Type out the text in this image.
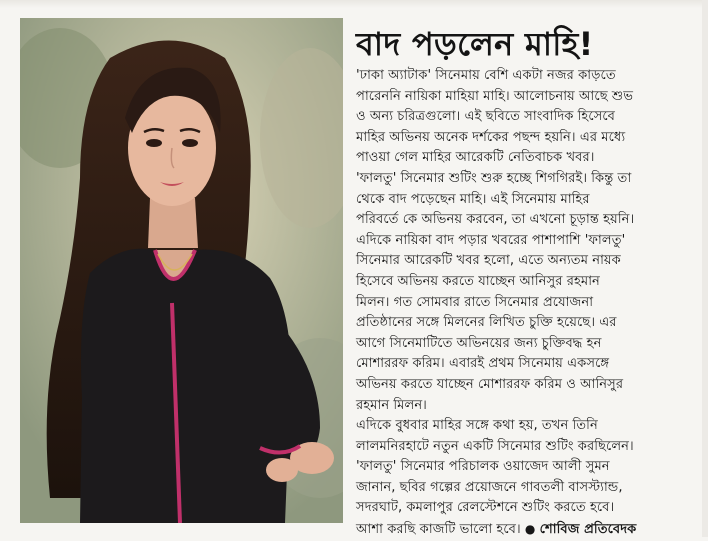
বাদ পড়লেন মাহি!

'ঢাকা অ্যাটাক' সিনেমায় বেশি একটা নজর কাড়তে

পারেননি নায়িকা মাহিয়া মাহি। আলোচনায় আছে শুভ

ও অন্য চরিত্রগুলো। এই ছবিতে সাংবাদিক হিসেবে

মাহির অভিনয় অনেক দর্শকের পছন্দ হয়নি। এর মধ্যে

পাওয়া গেল মাহির আরেকটি নেতিবাচক খবর।

'ফালতু' সিনেমার শুটিং শুরু হচ্ছে শিগগিরই। কিন্তু তা

থেকে বাদ পড়েছেন মাহি। এই সিনেমায় মাহির

পরিবর্তে কে অভিনয় করবেন, তা এখনো চূড়ান্ত হয়নি।

এদিকে নায়িকা বাদ পড়ার খবরের পাশাপাশি 'ফালতু'

সিনেমার আরেকটি খবর হলো, এতে অন্যতম নায়ক

হিসেবে অভিনয় করতে যাচ্ছেন আনিসুর রহমান

মিলন। গত সোমবার রাতে সিনেমার প্রযোজনা

প্রতিষ্ঠানের সঙ্গে মিলনের লিখিত চুক্তি হয়েছে। এর

আগে সিনেমাটিতে অভিনয়ের জন্য চুক্তিবদ্ধ হন

মোশাররফ করিম। এবারই প্রথম সিনেমায় একসঙ্গে

অভিনয় করতে যাচ্ছেন মোশাররফ করিম ও আনিসুর

রহমান মিলন।

এদিকে বুধবার মাহির সঙ্গে কথা হয়, তখন তিনি

লালমনিরহাটে নতুন একটি সিনেমার শুটিং করছিলেন।

'ফালতু' সিনেমার পরিচালক ওয়াজেদ আলী সুমন

জানান, ছবির গল্পের প্রয়োজনে গাবতলী বাসস্ট্যান্ড,

সদরঘাট, কমলাপুর রেলস্টেশনে শুটিং করতে হবে।

আশা করছি কাজটি ভালো হবে। ● শোবিজ প্রতিবেদক
